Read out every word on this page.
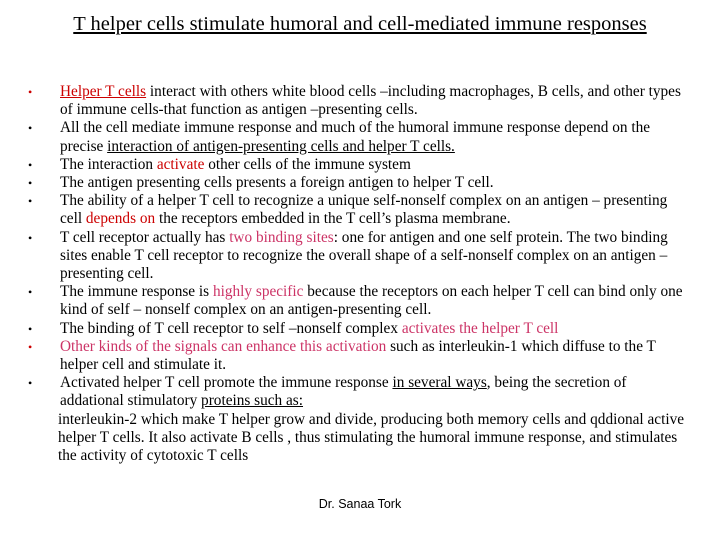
T helper cells stimulate humoral and cell-mediated immune responses
• Helper T cells interact with others white blood cells –including macrophages, B cells, and other types of immune cells-that function as antigen –presenting cells.
• All the cell mediate immune response and much of the humoral immune response depend on the precise interaction of antigen-presenting cells and helper T cells.
• The interaction activate other cells of the immune system
• The antigen presenting cells presents a foreign antigen to helper T cell.
• The ability of a helper T cell to recognize a unique self-nonself complex on an antigen – presenting cell depends on the receptors embedded in the T cell’s plasma membrane.
• T cell receptor actually has two binding sites: one for antigen and one self protein. The two binding sites enable T cell receptor to recognize the overall shape of a self-nonself complex on an antigen –presenting cell.
• The immune response is highly specific because the receptors on each helper T cell can bind only one kind of self – nonself complex on an antigen-presenting cell.
• The binding of T cell receptor to self –nonself complex activates the helper T cell
• Other kinds of the signals can enhance this activation such as interleukin-1 which diffuse to the T helper cell and stimulate it.
• Activated helper T cell promote the immune response in several ways, being the secretion of addational stimulatory proteins such as:
interleukin-2 which make T helper grow and divide, producing both memory cells and qddional active helper T cells. It also activate B cells , thus stimulating the humoral immune response, and stimulates the activity of cytotoxic T cells
Dr. Sanaa Tork
